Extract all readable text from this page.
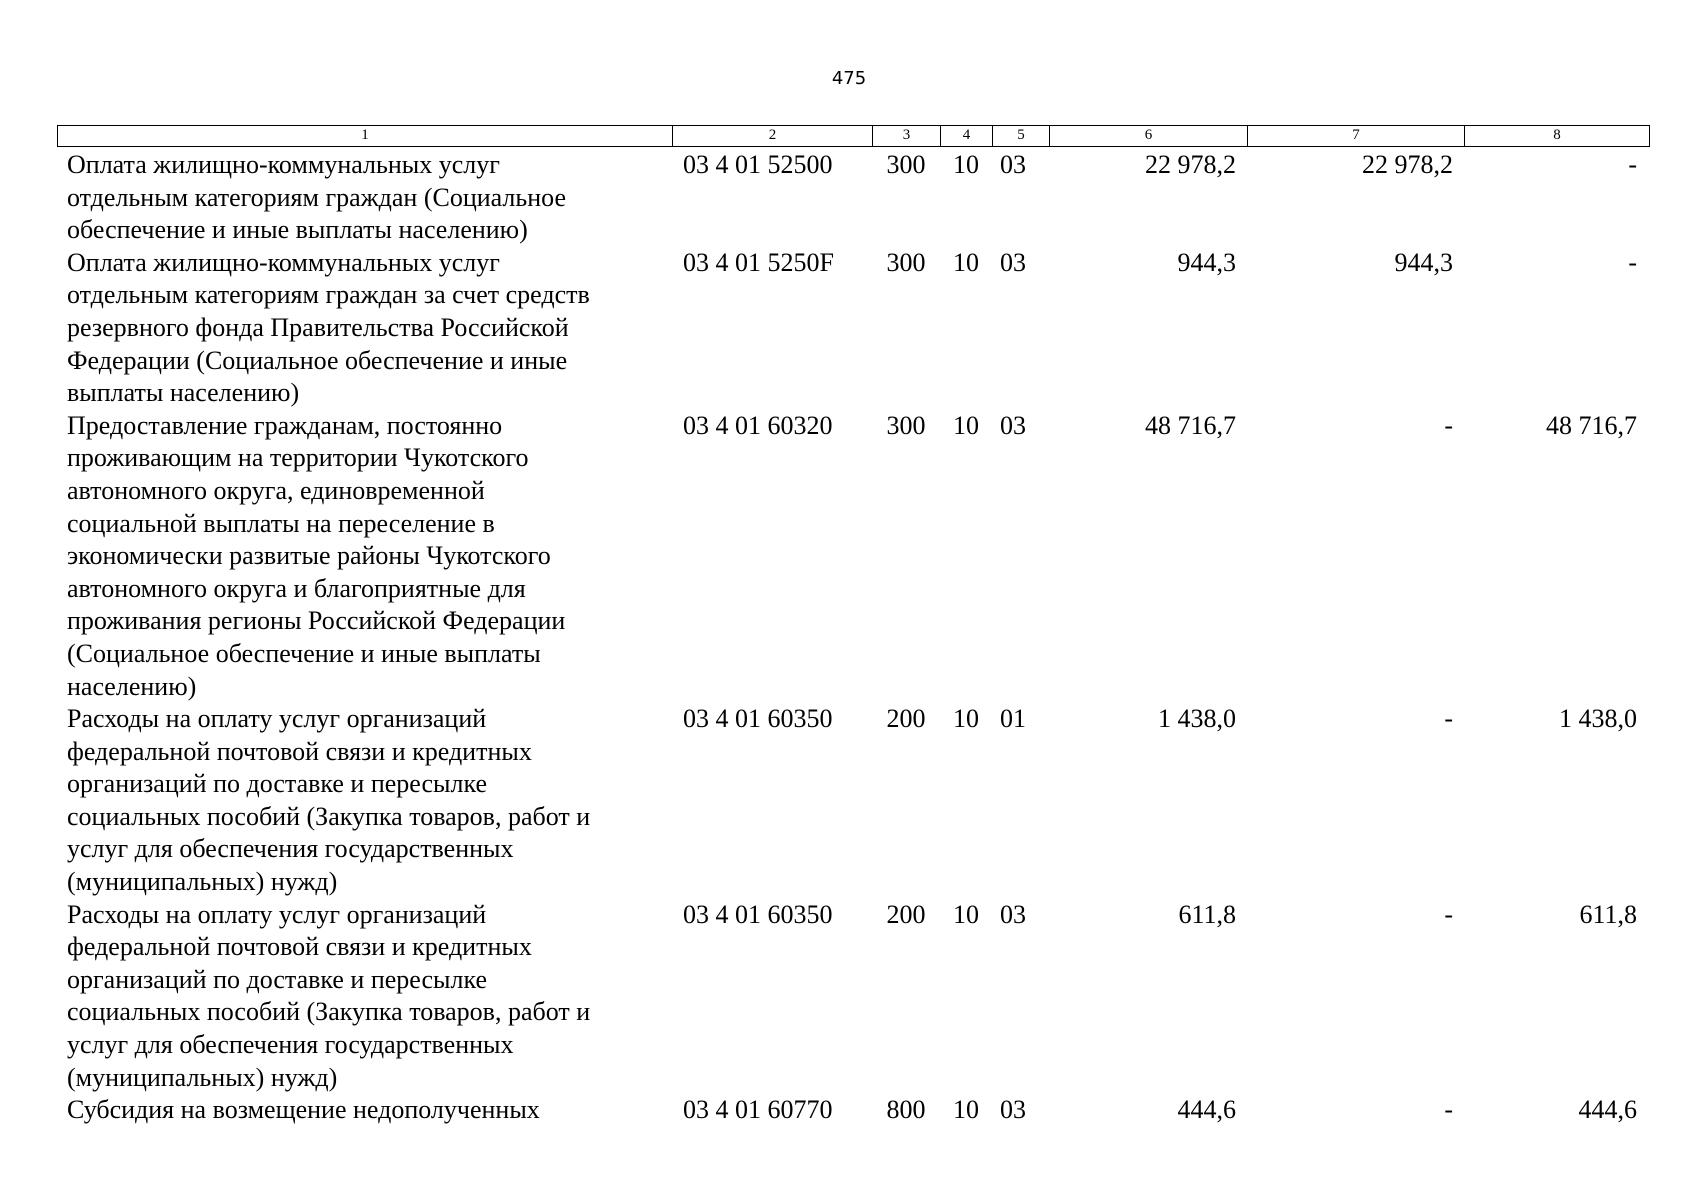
475
1	2	3	4	5	6	7	8
Оплата жилищно-коммунальных услуг
отдельным категориям граждан (Социальное
обеспечение и иные выплаты населению)
03 4 01 52500	300	10 03	22 978,2	22 978,2	-
Оплата жилищно-коммунальных услуг
отдельным категориям граждан за счет средств
резервного фонда Правительства Российской
Федерации (Социальное обеспечение и иные
выплаты населению)
03 4 01 5250F	300	10 03	944,3	944,3	-
Предоставление гражданам, постоянно
проживающим на территории Чукотского
автономного округа, единовременной
социальной выплаты на переселение в
экономически развитые районы Чукотского
автономного округа и благоприятные для
проживания регионы Российской Федерации
(Социальное обеспечение и иные выплаты
населению)
03 4 01 60320	300	10 03	48 716,7	-	48 716,7
Расходы на оплату услуг организаций
федеральной почтовой связи и кредитных
организаций по доставке и пересылке
социальных пособий (Закупка товаров, работ и
услуг для обеспечения государственных
(муниципальных) нужд)
03 4 01 60350	200	10 01	1 438,0	-	1 438,0
Расходы на оплату услуг организаций
федеральной почтовой связи и кредитных
организаций по доставке и пересылке
социальных пособий (Закупка товаров, работ и
услуг для обеспечения государственных
(муниципальных) нужд)
03 4 01 60350	200	10 03	611,8	-	611,8
Субсидия на возмещение недополученных	03 4 01 60770	800	10 03	444,6	-	444,6
